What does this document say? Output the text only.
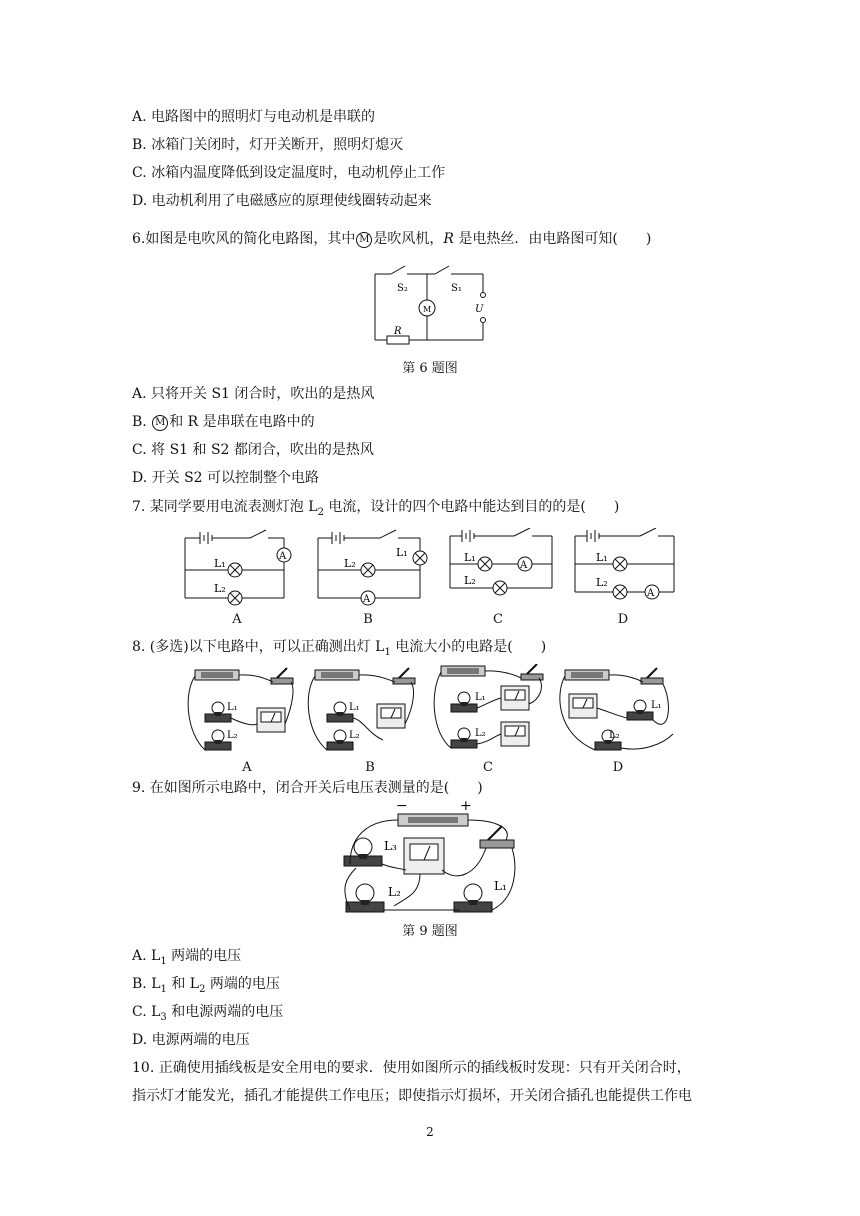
A. 电路图中的照明灯与电动机是串联的
B. 冰箱门关闭时，灯开关断开，照明灯熄灭
C. 冰箱内温度降低到设定温度时，电动机停止工作
D. 电动机利用了电磁感应的原理使线圈转动起来
6.如图是电吹风的简化电路图，其中 M 是吹风机，R 是电热丝．由电路图可知(　　)
S₂	S₁
M	U
R
第 6 题图
A. 只将开关 S1 闭合时，吹出的是热风
B. M 和 R 是串联在电路中的
C. 将 S1 和 S2 都闭合，吹出的是热风
D. 开关 S2 可以控制整个电路
7. 某同学要用电流表测灯泡 $L_2$ 电流，设计的四个电路中能达到目的的是(　　)
A
L₁
L₂
A
L₁
L₂	A
L₁
L₂
A
L₁
L₂
A	B	C	D
8. (多选)以下电路中，可以正确测出灯 $L_1$ 电流大小的电路是(　　)
L₁
L₂
L₁
L₂
L₁
L₂
L₁
L₂
A	B	C	D
9. 在如图所示电路中，闭合开关后电压表测量的是(　　)
−	+
L₃
L₂	L₁
第 9 题图
A. $L_1$ 两端的电压
B. $L_1$ 和 $L_2$ 两端的电压
C. $L_3$ 和电源两端的电压
D. 电源两端的电压
10. 正确使用插线板是安全用电的要求．使用如图所示的插线板时发现：只有开关闭合时，
指示灯才能发光，插孔才能提供工作电压；即使指示灯损坏，开关闭合插孔也能提供工作电
2
